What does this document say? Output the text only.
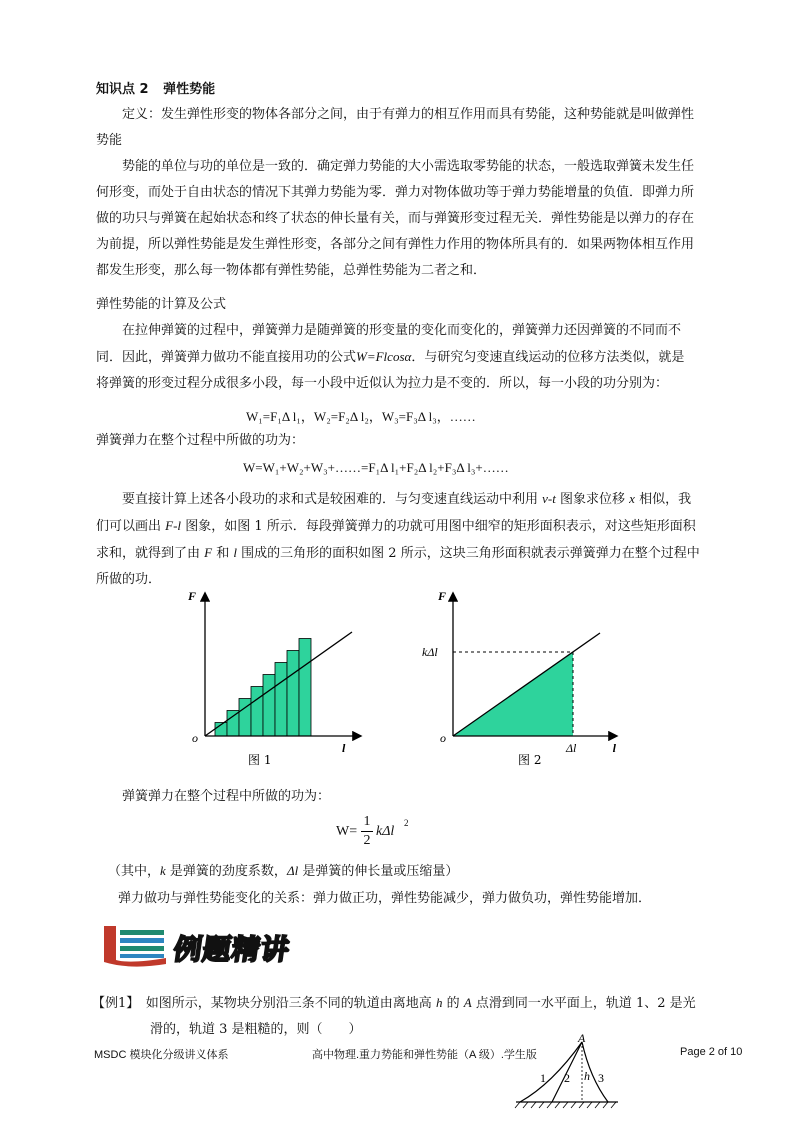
知识点 2 弹性势能

定义：发生弹性形变的物体各部分之间，由于有弹力的相互作用而具有势能，这种势能就是叫做弹性

势能

势能的单位与功的单位是一致的．确定弹力势能的大小需选取零势能的状态，一般选取弹簧未发生任

何形变，而处于自由状态的情况下其弹力势能为零．弹力对物体做功等于弹力势能增量的负值．即弹力所

做的功只与弹簧在起始状态和终了状态的伸长量有关，而与弹簧形变过程无关．弹性势能是以弹力的存在

为前提，所以弹性势能是发生弹性形变，各部分之间有弹性力作用的物体所具有的．如果两物体相互作用

都发生形变，那么每一物体都有弹性势能，总弹性势能为二者之和．

弹性势能的计算及公式

在拉伸弹簧的过程中，弹簧弹力是随弹簧的形变量的变化而变化的，弹簧弹力还因弹簧的不同而不

同．因此，弹簧弹力做功不能直接用功的公式W=Flcosα．与研究匀变速直线运动的位移方法类似，就是

将弹簧的形变过程分成很多小段，每一小段中近似认为拉力是不变的．所以，每一小段的功分别为：

W₁=F₁Δ l₁，W₂=F₂Δ l₂，W₃=F₃Δ l₃，……
弹簧弹力在整个过程中所做的功为：
W=W₁+W₂+W₃+……=F₁Δ l₁+F₂Δ l₂+F₃Δ l₃+……

要直接计算上述各小段功的求和式是较困难的．与匀变速直线运动中利用 v-t 图象求位移 x 相似，我

们可以画出 F-l 图象，如图 1 所示．每段弹簧弹力的功就可用图中细窄的矩形面积表示，对这些矩形面积

求和，就得到了由 F 和 l 围成的三角形的面积如图 2 所示，这块三角形面积就表示弹簧弹力在整个过程中

所做的功．

F
l
o
图 1
F
l
o
kΔl
Δl
图 2
弹簧弹力在整个过程中所做的功为：
W=
1
2
kΔl
2
（其中，k 是弹簧的劲度系数，Δl 是弹簧的伸长量或压缩量）
弹力做功与弹性势能变化的关系：弹力做正功，弹性势能减少，弹力做负功，弹性势能增加．
例题精讲

【例1】　 如图所示，某物块分别沿三条不同的轨道由离地高 h 的 A 点滑到同一水平面上，轨道 1、2 是光

滑的，轨道 3 是粗糙的，则（　　）

MSDC 模块化分级讲义体系	高中物理.重力势能和弹性势能（A 级）.学生版	Page 2 of 10
A
1 2 h 3
